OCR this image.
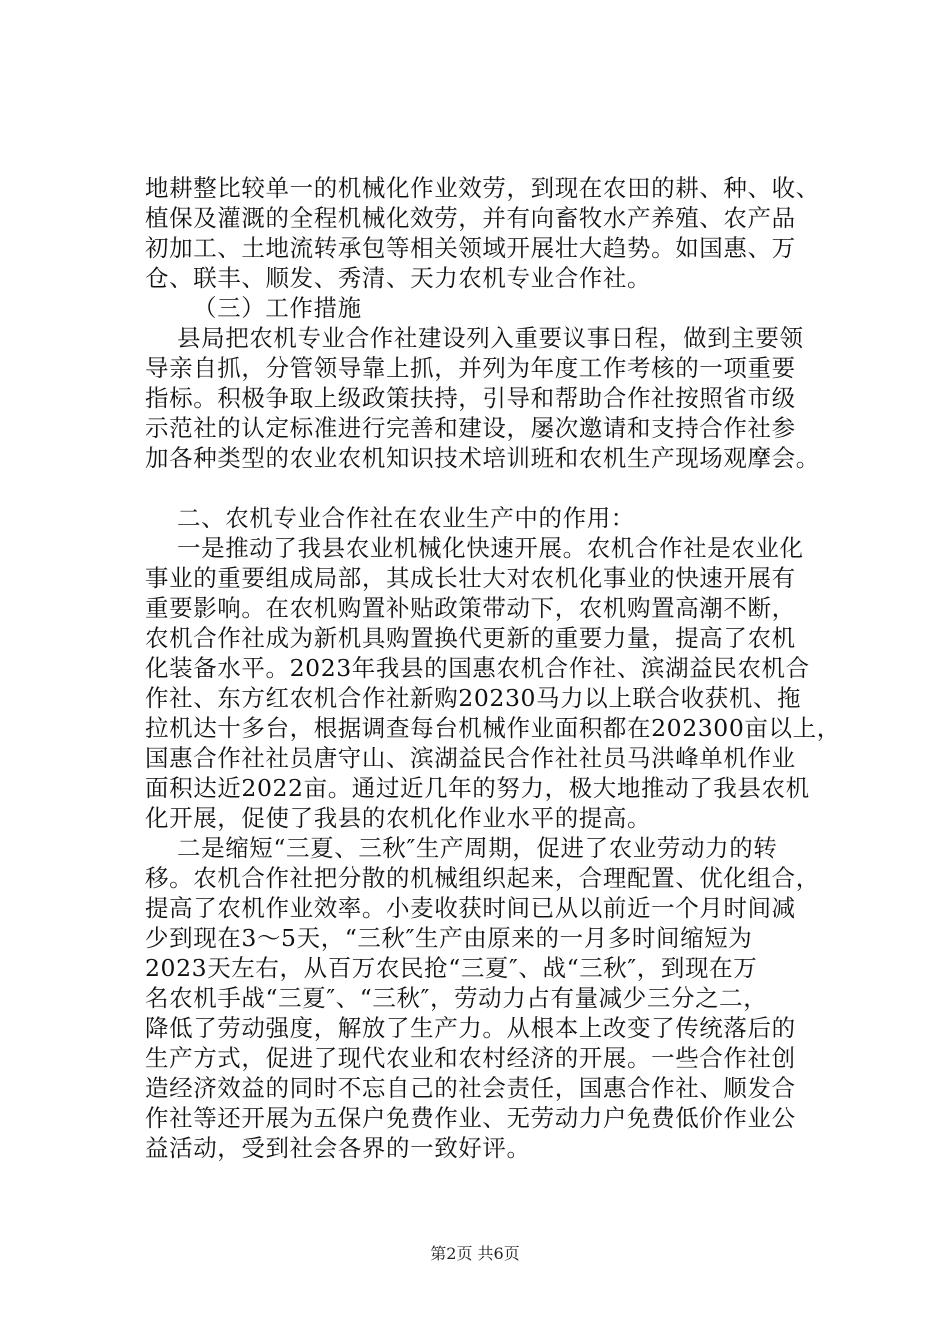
地耕整比较单一的机械化作业效劳，到现在农田的耕、种、收、
植保及灌溉的全程机械化效劳，并有向畜牧水产养殖、农产品
初加工、土地流转承包等相关领域开展壮大趋势。如国惠、万
仓、联丰、顺发、秀清、天力农机专业合作社。
（三）工作措施
县局把农机专业合作社建设列入重要议事日程，做到主要领
导亲自抓，分管领导靠上抓，并列为年度工作考核的一项重要
指标。积极争取上级政策扶持，引导和帮助合作社按照省市级
示范社的认定标准进行完善和建设，屡次邀请和支持合作社参
加各种类型的农业农机知识技术培训班和农机生产现场观摩会。
二、农机专业合作社在农业生产中的作用：
一是推动了我县农业机械化快速开展。农机合作社是农业化
事业的重要组成局部，其成长壮大对农机化事业的快速开展有
重要影响。在农机购置补贴政策带动下，农机购置高潮不断，
农机合作社成为新机具购置换代更新的重要力量，提高了农机
化装备水平。2023年我县的国惠农机合作社、滨湖益民农机合
作社、东方红农机合作社新购20230马力以上联合收获机、拖
拉机达十多台，根据调查每台机械作业面积都在202300亩以上，
国惠合作社社员唐守山、滨湖益民合作社社员马洪峰单机作业
面积达近2022亩。通过近几年的努力，极大地推动了我县农机
化开展，促使了我县的农机化作业水平的提高。
二是缩短“三夏、三秋″生产周期，促进了农业劳动力的转
移。农机合作社把分散的机械组织起来，合理配置、优化组合，
提高了农机作业效率。小麦收获时间已从以前近一个月时间减
少到现在3～5天，“三秋″生产由原来的一月多时间缩短为
2023天左右，从百万农民抢“三夏″、战“三秋″，到现在万
名农机手战“三夏″、“三秋″，劳动力占有量减少三分之二，
降低了劳动强度，解放了生产力。从根本上改变了传统落后的
生产方式，促进了现代农业和农村经济的开展。一些合作社创
造经济效益的同时不忘自己的社会责任，国惠合作社、顺发合
作社等还开展为五保户免费作业、无劳动力户免费低价作业公
益活动，受到社会各界的一致好评。
第2页 共6页
